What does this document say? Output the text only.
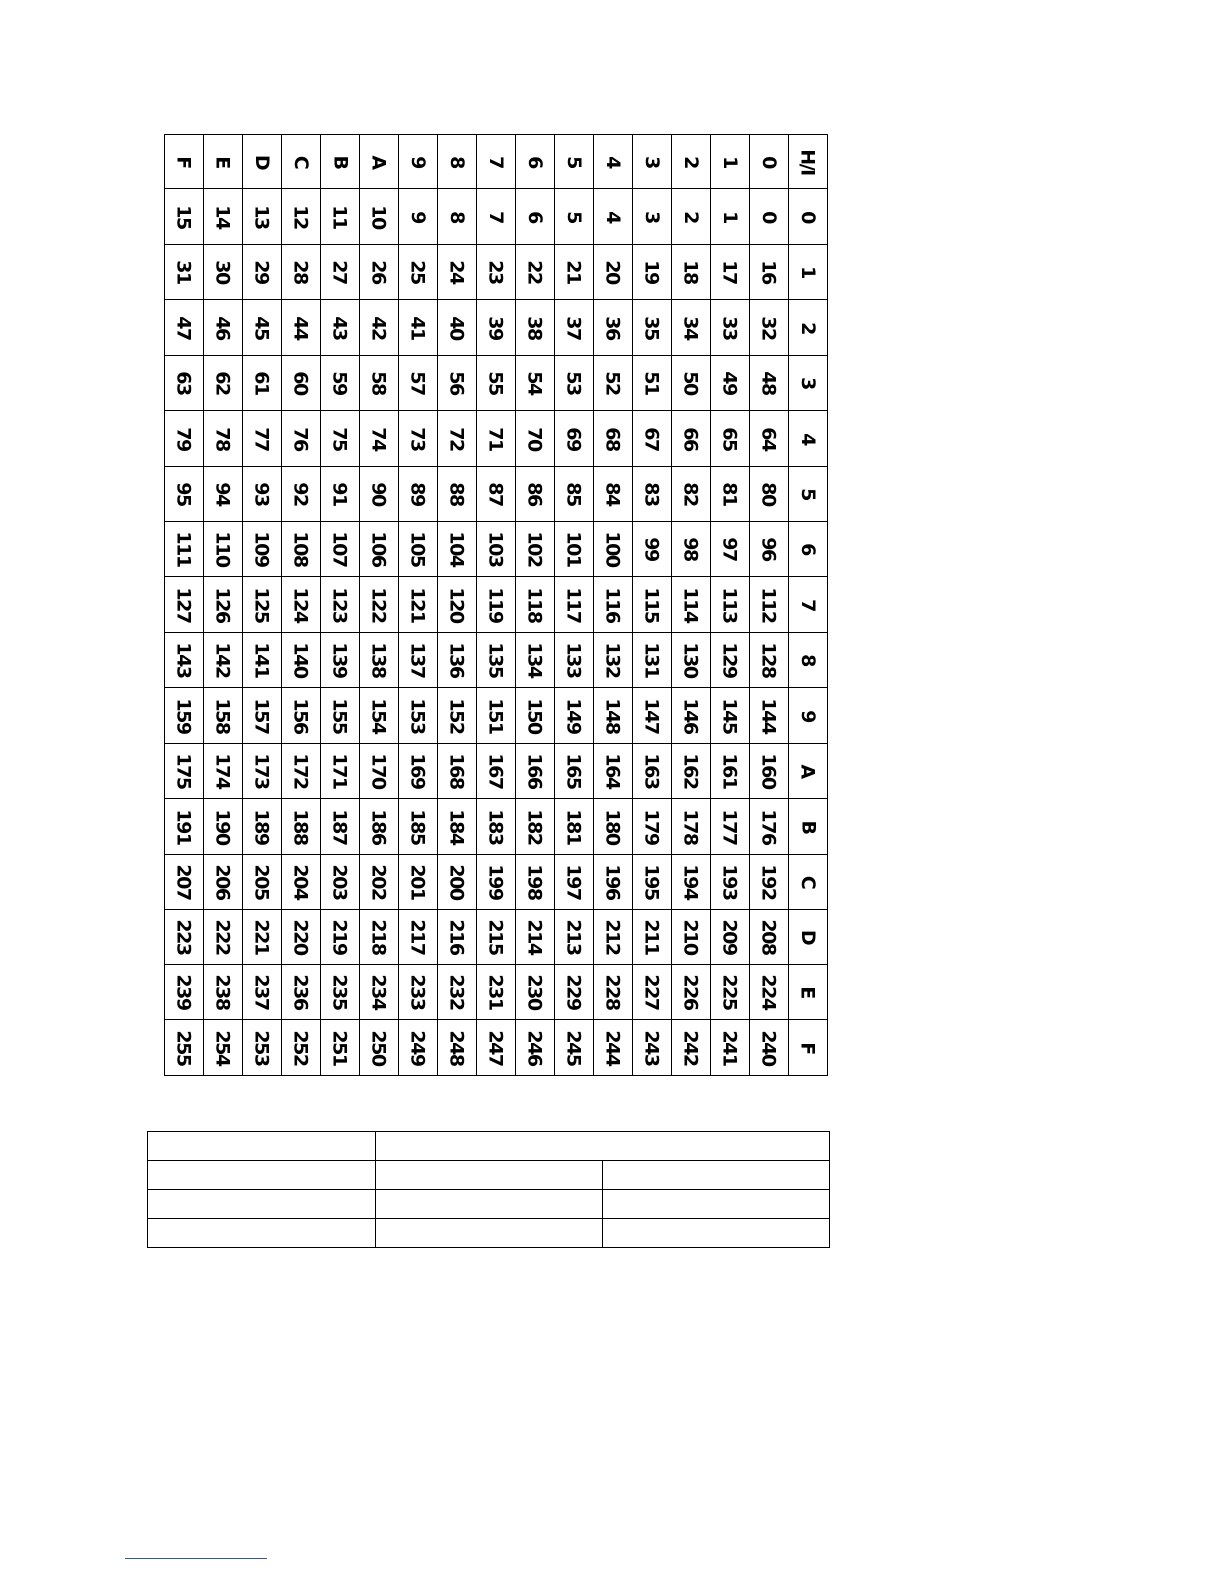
F	E	D	C	B	A	9	8	7	6	5	4	3	2	1	0	H/I
15	14	13	12	11	10	9	8	7	6	5	4	3	2	1	0	0
31	30	29	28	27	26	25	24	23	22	21	20	19	18	17	16	1
47	46	45	44	43	42	41	40	39	38	37	36	35	34	33	32	2
63	62	61	60	59	58	57	56	55	54	53	52	51	50	49	48	3
79	78	77	76	75	74	73	72	71	70	69	68	67	66	65	64	4
95	94	93	92	91	90	89	88	87	86	85	84	83	82	81	80	5
111	110	109	108	107	106	105	104	103	102	101	100	99	98	97	96	6
127	126	125	124	123	122	121	120	119	118	117	116	115	114	113	112	7
143	142	141	140	139	138	137	136	135	134	133	132	131	130	129	128	8
159	158	157	156	155	154	153	152	151	150	149	148	147	146	145	144	9
175	174	173	172	171	170	169	168	167	166	165	164	163	162	161	160	A
191	190	189	188	187	186	185	184	183	182	181	180	179	178	177	176	B
207	206	205	204	203	202	201	200	199	198	197	196	195	194	193	192	C
223	222	221	220	219	218	217	216	215	214	213	212	211	210	209	208	D
239	238	237	236	235	234	233	232	231	230	229	228	227	226	225	224	E
255	254	253	252	251	250	249	248	247	246	245	244	243	242	241	240	F
